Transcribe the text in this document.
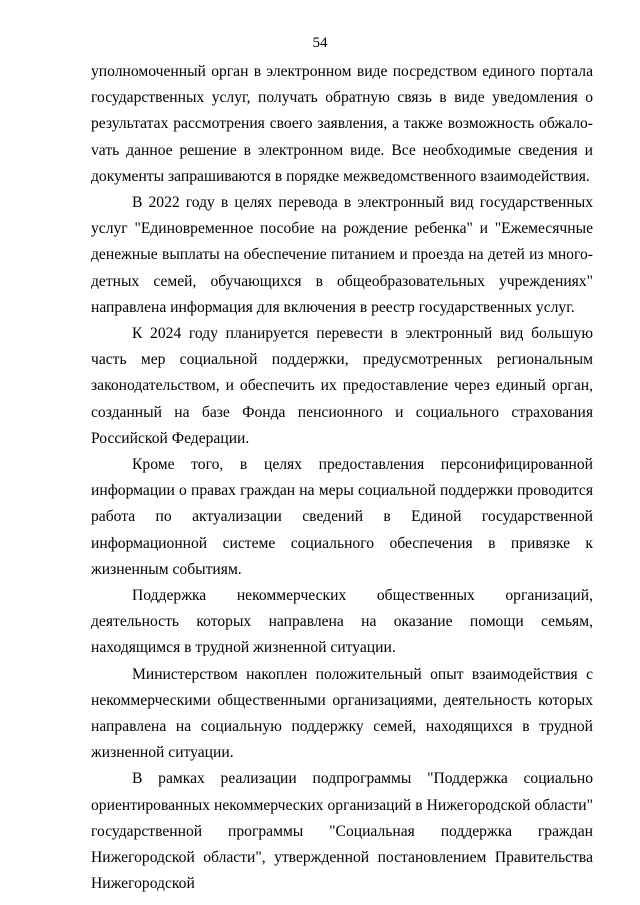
54

уполномоченный орган в электронном виде посредством единого портала государственных услуг, получать обратную связь в виде уведомления о результатах рассмотрения своего заявления, а также возможность обжалоvать данное решение в электронном виде. Все необходимые сведения и документы запрашиваются в порядке межведомственного взаимодействия.

В 2022 году в целях перевода в электронный вид государственных услуг "Единовременное пособие на рождение ребенка" и "Ежемесячные денежные выплаты на обеспечение питанием и проезда на детей из многодетных семей, обучающихся в общеобразовательных учреждениях" направлена информация для включения в реестр государственных услуг.

К 2024 году планируется перевести в электронный вид большую часть мер социальной поддержки, предусмотренных региональным законодательством, и обеспечить их предоставление через единый орган, созданный на базе Фонда пенсионного и социального страхования Российской Федерации.

Кроме того, в целях предоставления персонифицированной информации о правах граждан на меры социальной поддержки проводится работа по актуализации сведений в Единой государственной информационной системе социального обеспечения в привязке к жизненным событиям.

Поддержка некоммерческих общественных организаций, деятельность которых направлена на оказание помощи семьям, находящимся в трудной жизненной ситуации.

Министерством накоплен положительный опыт взаимодействия с некоммерческими общественными организациями, деятельность которых направлена на социальную поддержку семей, находящихся в трудной жизненной ситуации.

В рамках реализации подпрограммы "Поддержка социально ориентированных некоммерческих организаций в Нижегородской области" государственной программы "Социальная поддержка граждан Нижегородской области", утвержденной постановлением Правительства Нижегородской
